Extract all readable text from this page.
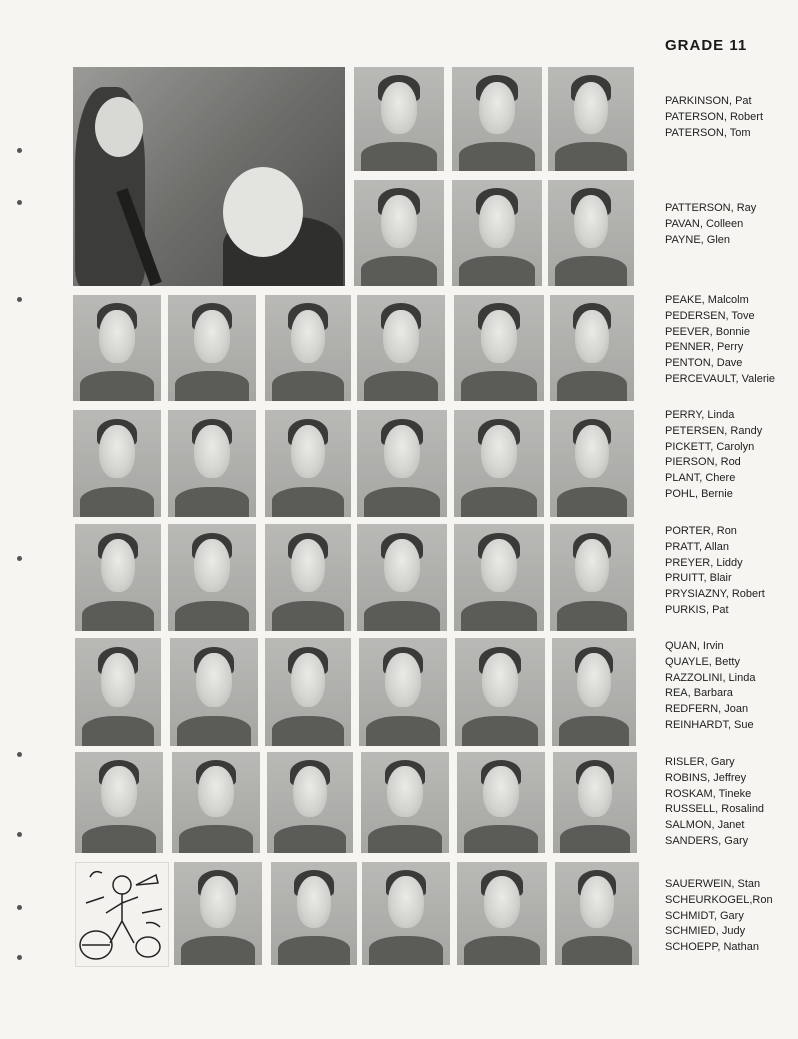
GRADE 11
PARKINSON, Pat
PATERSON, Robert
PATERSON, Tom
PATTERSON, Ray
PAVAN, Colleen
PAYNE, Glen
PEAKE, Malcolm
PEDERSEN, Tove
PEEVER, Bonnie
PENNER, Perry
PENTON, Dave
PERCEVAULT, Valerie
PERRY, Linda
PETERSEN, Randy
PICKETT, Carolyn
PIERSON, Rod
PLANT, Chere
POHL, Bernie
PORTER, Ron
PRATT, Allan
PREYER, Liddy
PRUITT, Blair
PRYSIAZNY, Robert
PURKIS, Pat
QUAN, Irvin
QUAYLE, Betty
RAZZOLINI, Linda
REA, Barbara
REDFERN, Joan
REINHARDT, Sue
RISLER, Gary
ROBINS, Jeffrey
ROSKAM, Tineke
RUSSELL, Rosalind
SALMON, Janet
SANDERS, Gary
SAUERWEIN, Stan
SCHEURKOGEL,Ron
SCHMIDT, Gary
SCHMIED, Judy
SCHOEPP, Nathan
